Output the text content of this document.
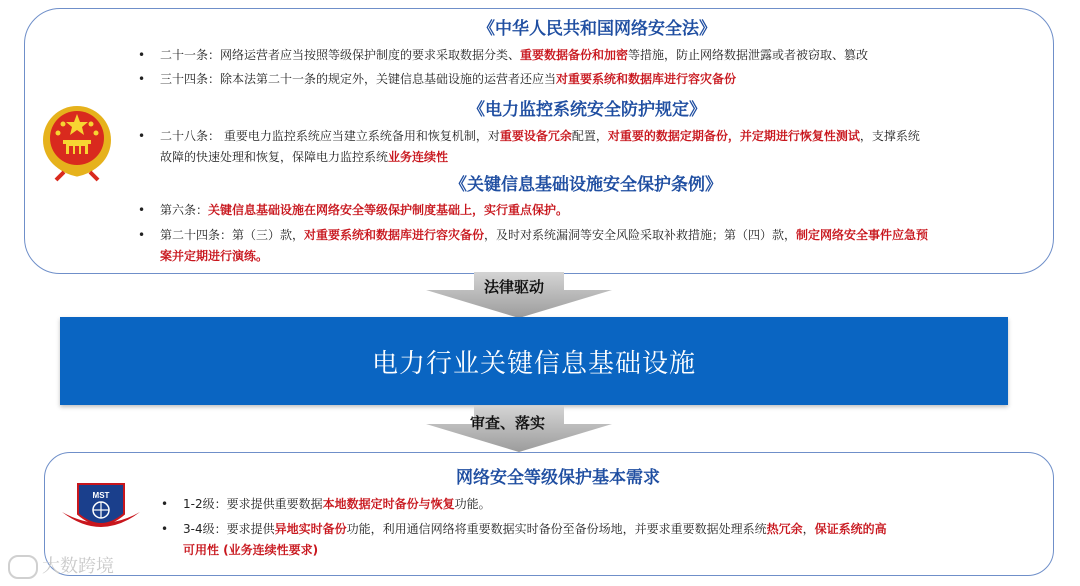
《中华人民共和国网络安全法》
• 二十一条：网络运营者应当按照等级保护制度的要求采取数据分类、重要数据备份和加密等措施，防止网络数据泄露或者被窃取、篡改
• 三十四条：除本法第二十一条的规定外，关键信息基础设施的运营者还应当对重要系统和数据库进行容灾备份
《电力监控系统安全防护规定》
• 二十八条： 重要电力监控系统应当建立系统备用和恢复机制，对重要设备冗余配置，对重要的数据定期备份，并定期进行恢复性测试，支撑系统
故障的快速处理和恢复，保障电力监控系统业务连续性
《关键信息基础设施安全保护条例》
• 第六条：关键信息基础设施在网络安全等级保护制度基础上，实行重点保护。
• 第二十四条：第（三）款，对重要系统和数据库进行容灾备份，及时对系统漏洞等安全风险采取补救措施；第（四）款，制定网络安全事件应急预
案并定期进行演练。
法律驱动
电力行业关键信息基础设施
审查、落实
MST
网络安全等级保护基本需求
• 1-2级：要求提供重要数据本地数据定时备份与恢复功能。
• 3-4级：要求提供异地实时备份功能，利用通信网络将重要数据实时备份至备份场地，并要求重要数据处理系统热冗余，保证系统的高
可用性 (业务连续性要求)
大数跨境
